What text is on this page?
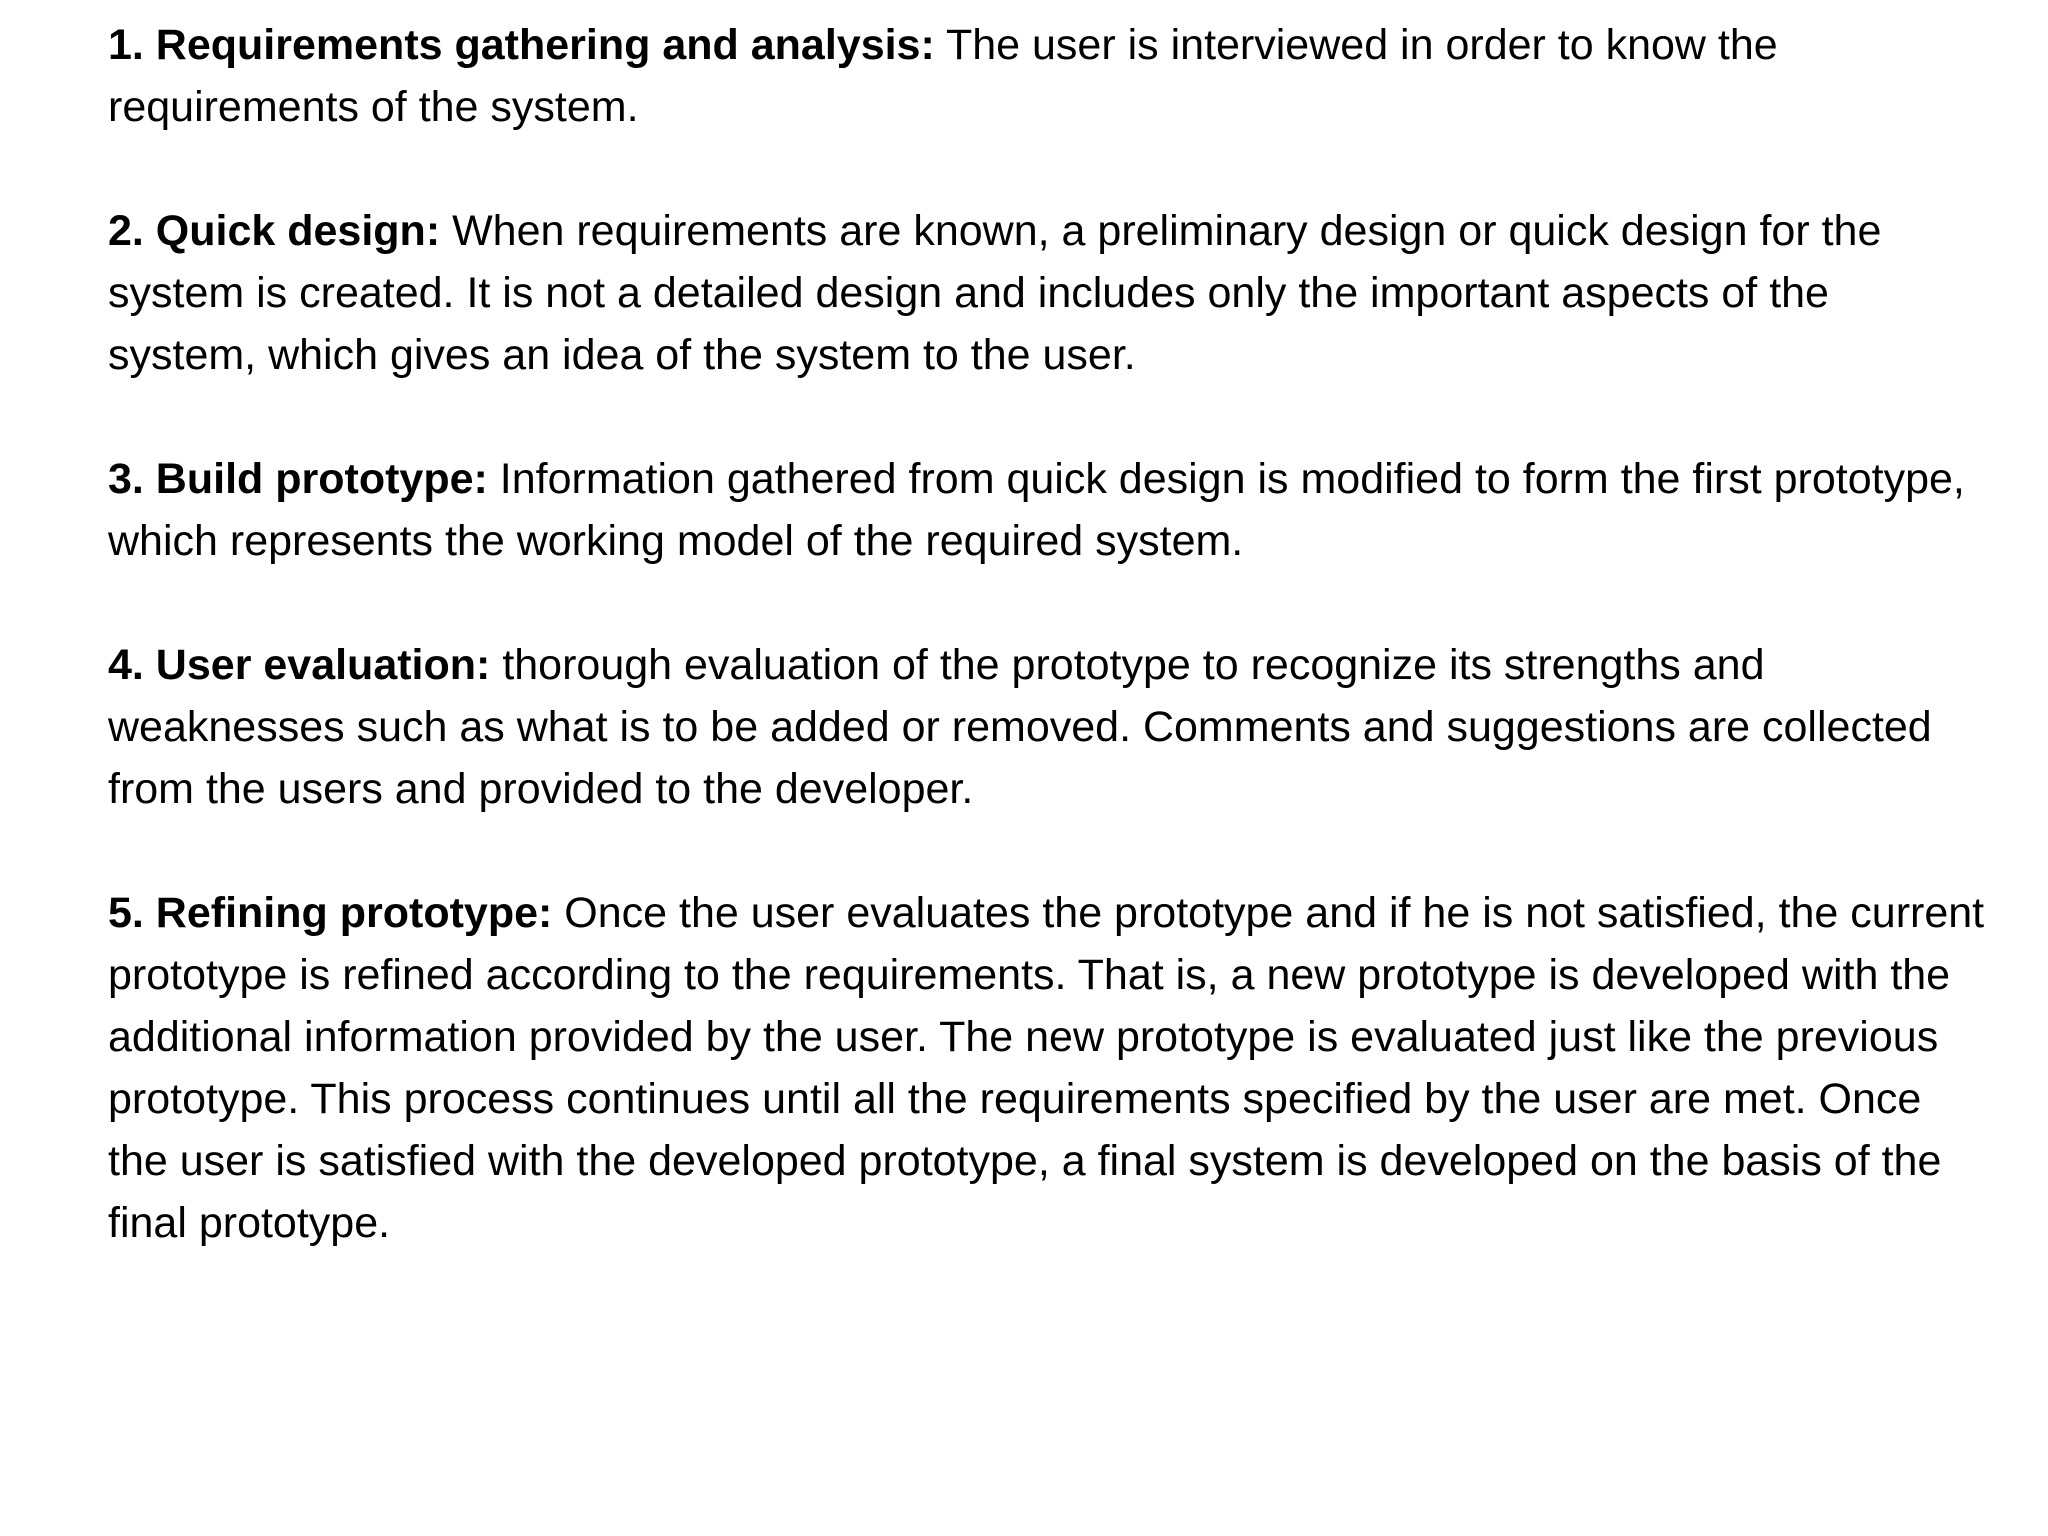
1. Requirements gathering and analysis: The user is interviewed in order to know the requirements of the system.

2. Quick design: When requirements are known, a preliminary design or quick design for the system is created. It is not a detailed design and includes only the important aspects of the system, which gives an idea of the system to the user.

3. Build prototype: Information gathered from quick design is modified to form the first prototype, which represents the working model of the required system.

4. User evaluation: thorough evaluation of the prototype to recognize its strengths and weaknesses such as what is to be added or removed. Comments and suggestions are collected from the users and provided to the developer.

5. Refining prototype: Once the user evaluates the prototype and if he is not satisfied, the current prototype is refined according to the requirements. That is, a new prototype is developed with the additional information provided by the user. The new prototype is evaluated just like the previous prototype. This process continues until all the requirements specified by the user are met. Once the user is satisfied with the developed prototype, a final system is developed on the basis of the final prototype.
